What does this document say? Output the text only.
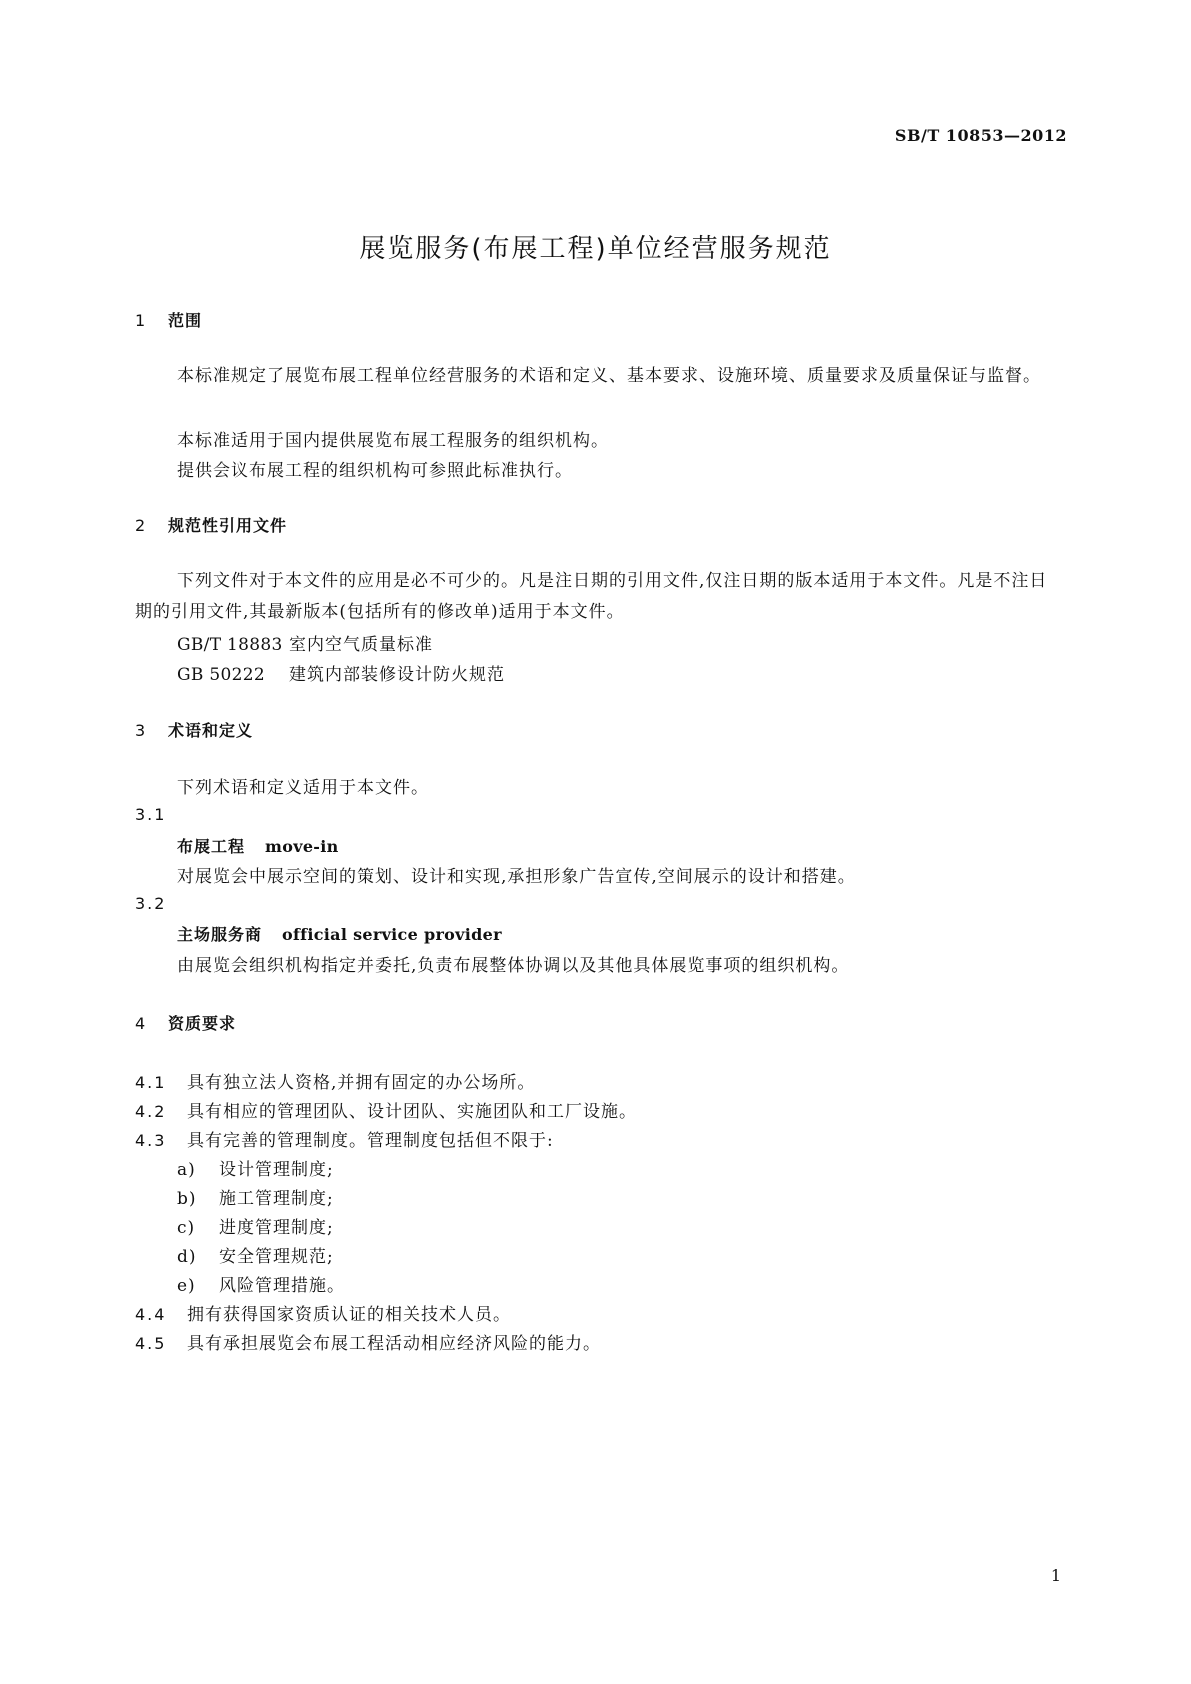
SB/T 10853—2012
展览服务(布展工程)单位经营服务规范
1 范围
本标准规定了展览布展工程单位经营服务的术语和定义、基本要求、设施环境、质量要求及质量保证与监督。
本标准适用于国内提供展览布展工程服务的组织机构。
提供会议布展工程的组织机构可参照此标准执行。
2 规范性引用文件
下列文件对于本文件的应用是必不可少的。凡是注日期的引用文件,仅注日期的版本适用于本文件。凡是不注日期的引用文件,其最新版本(包括所有的修改单)适用于本文件。
GB/T 18883 室内空气质量标准
GB 50222 建筑内部装修设计防火规范
3 术语和定义
下列术语和定义适用于本文件。
3.1
布展工程 move-in
对展览会中展示空间的策划、设计和实现,承担形象广告宣传,空间展示的设计和搭建。
3.2
主场服务商 official service provider
由展览会组织机构指定并委托,负责布展整体协调以及其他具体展览事项的组织机构。
4 资质要求
4.1 具有独立法人资格,并拥有固定的办公场所。
4.2 具有相应的管理团队、设计团队、实施团队和工厂设施。
4.3 具有完善的管理制度。管理制度包括但不限于:
a) 设计管理制度;
b) 施工管理制度;
c) 进度管理制度;
d) 安全管理规范;
e) 风险管理措施。
4.4 拥有获得国家资质认证的相关技术人员。
4.5 具有承担展览会布展工程活动相应经济风险的能力。
1
